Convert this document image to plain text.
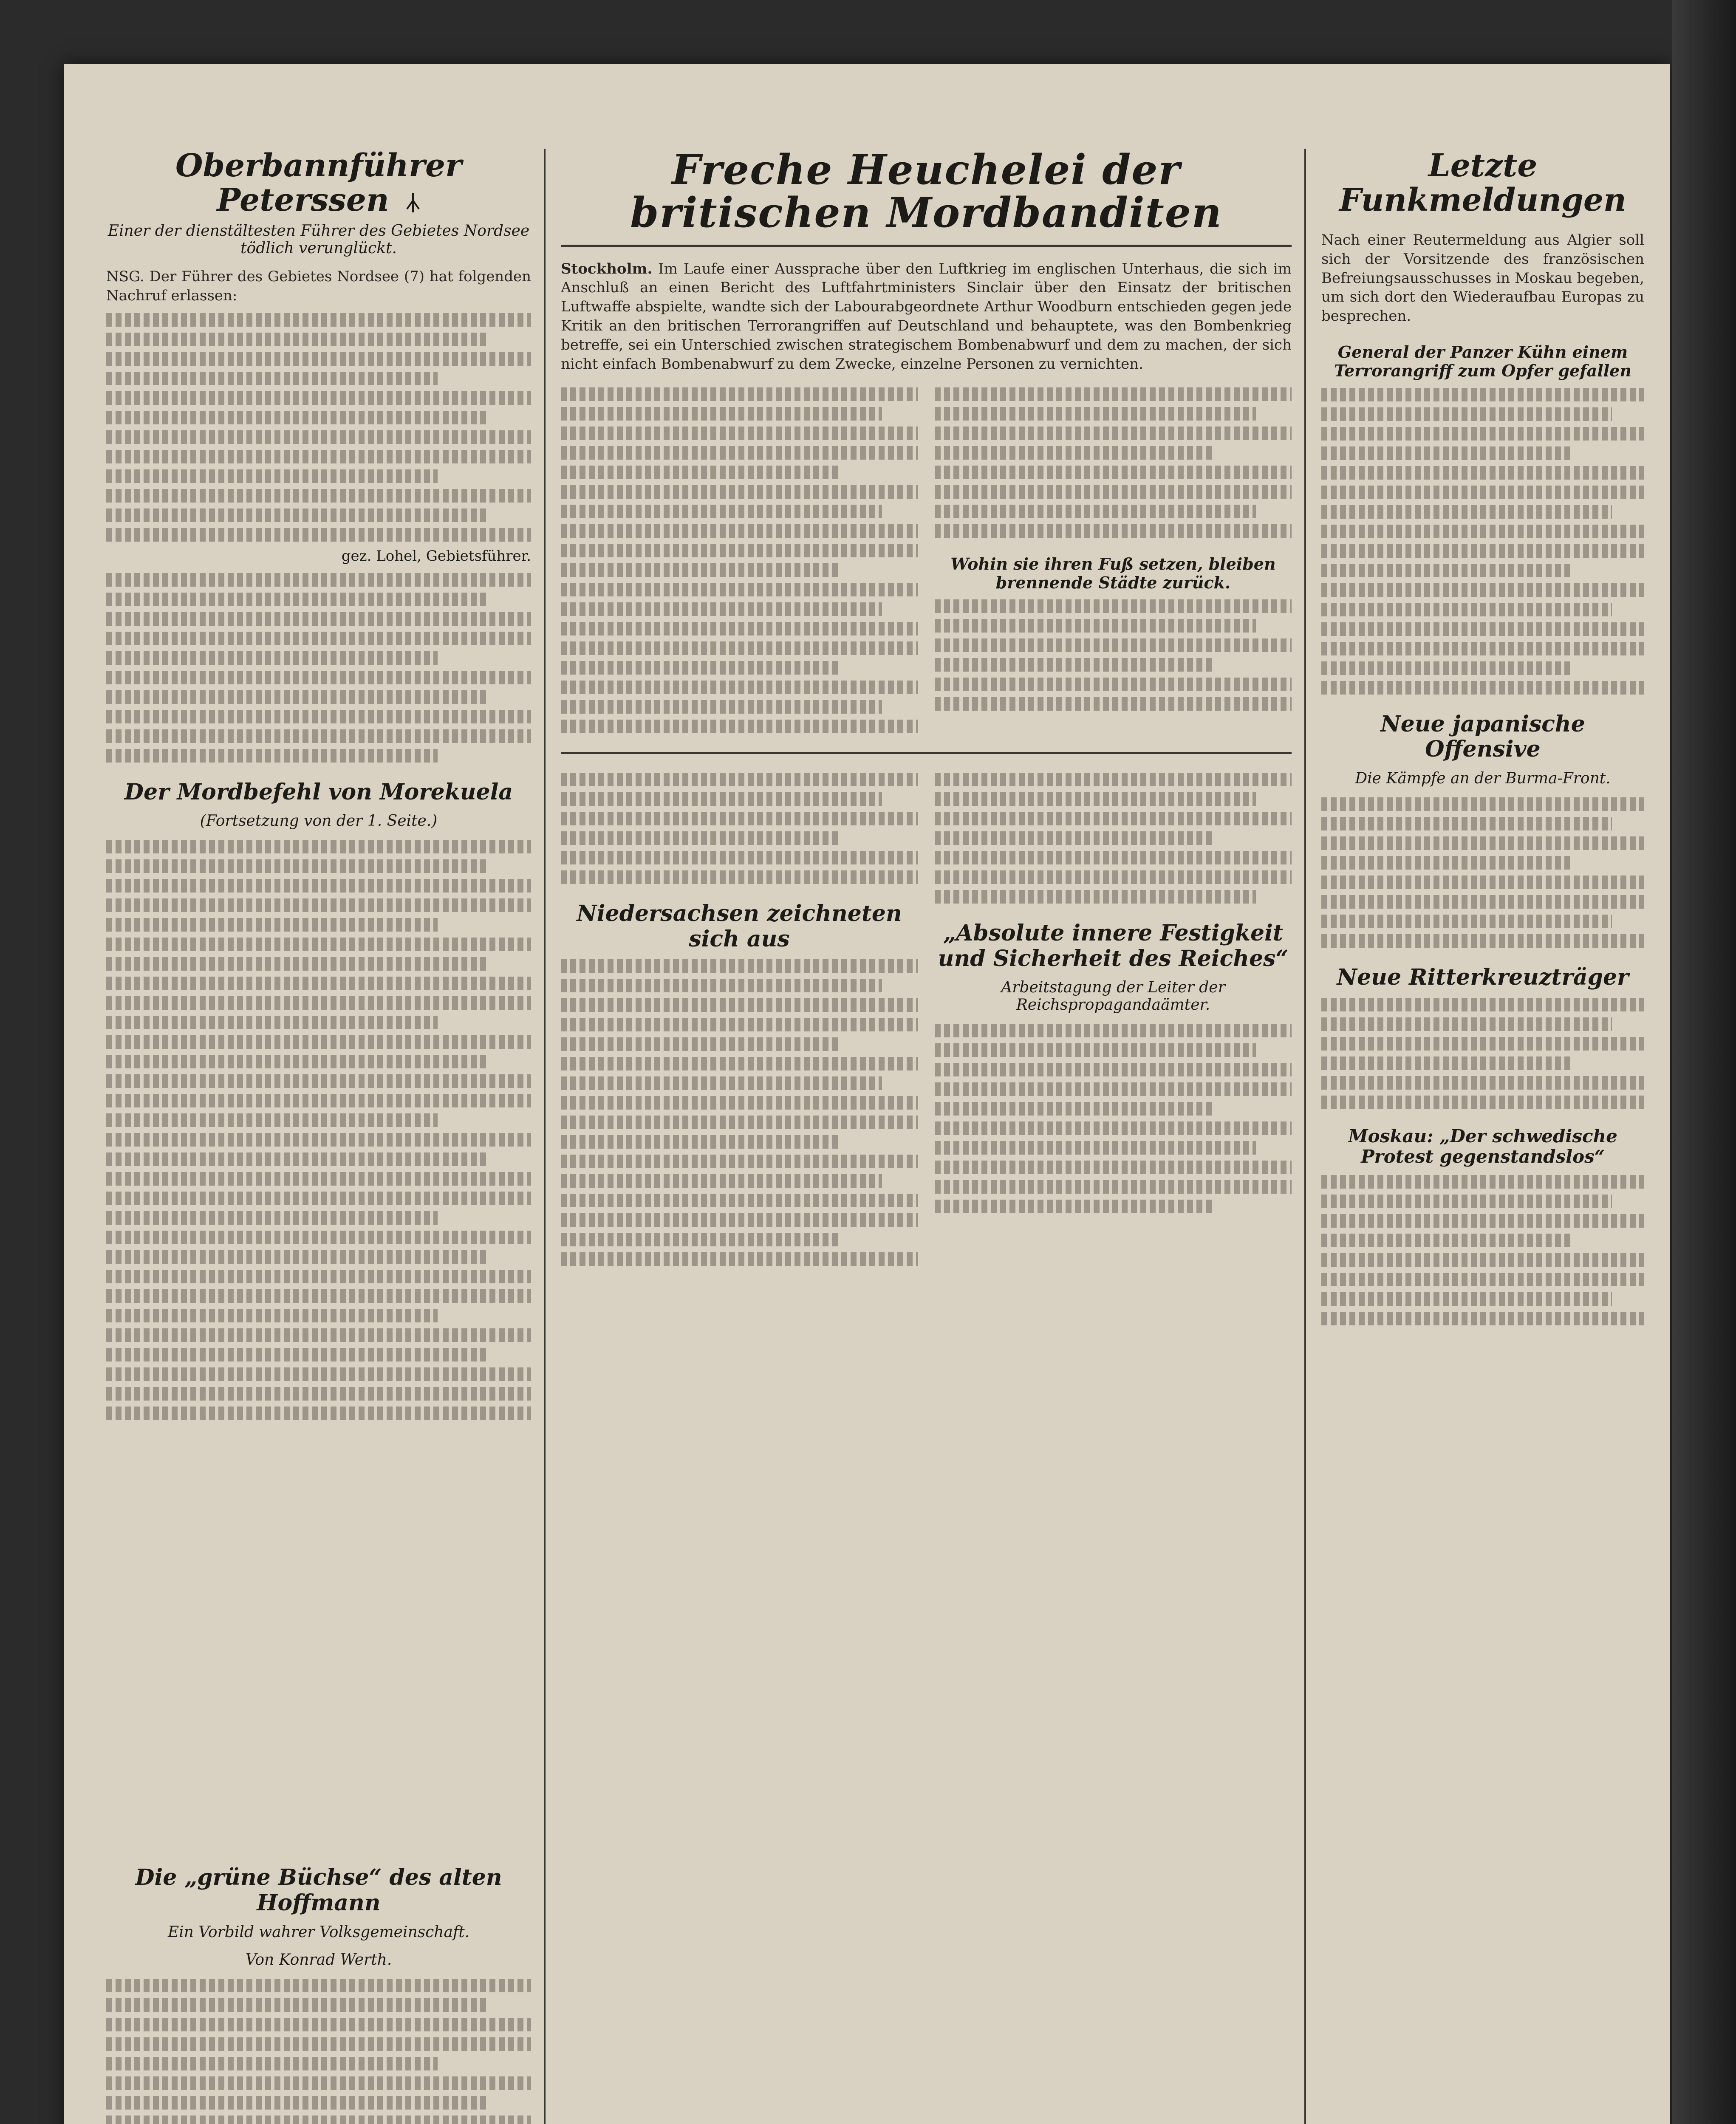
Oberbannführer Peterssen
Einer der dienstältesten Führer des Gebietes Nordsee tödlich verunglückt.

NSG. Der Führer des Gebietes Nordsee (7) hat folgenden Nachruf erlassen:

gez. Lohel, Gebietsführer.

Der Mordbefehl von Morekuela
(Fortsetzung von der 1. Seite.)
Die „grüne Büchse“ des alten Hoffmann
Ein Vorbild wahrer Volksgemeinschaft.
Von Konrad Werth.
Freche Heuchelei der britischen Mordbanditen

Stockholm. Im Laufe einer Aussprache über den Luftkrieg im englischen Unterhaus, die sich im Anschluß an einen Bericht des Luftfahrtministers Sinclair über den Einsatz der britischen Luftwaffe abspielte, wandte sich der Labourabgeordnete Arthur Woodburn entschieden gegen jede Kritik an den britischen Terrorangriffen auf Deutschland und behauptete, was den Bombenkrieg betreffe, sei ein Unterschied zwischen strategischem Bombenabwurf und dem zu machen, der sich nicht einfach Bombenabwurf zu dem Zwecke, einzelne Personen zu vernichten.

Wohin sie ihren Fuß setzen, bleiben brennende Städte zurück.
Niedersachsen zeichneten sich aus	„Absolute innere Festigkeit und Sicherheit des Reiches“
Arbeitstagung der Leiter der Reichspropagandaämter.
Letzte Funkmeldungen

Nach einer Reutermeldung aus Algier soll sich der Vorsitzende des französischen Befreiungsausschusses in Moskau begeben, um sich dort den Wiederaufbau Europas zu besprechen.

General der Panzer Kühn einem Terrorangriff zum Opfer gefallen
Neue japanische Offensive
Die Kämpfe an der Burma-Front.
Neue Ritterkreuzträger
Moskau: „Der schwedische Protest gegenstandslos“
